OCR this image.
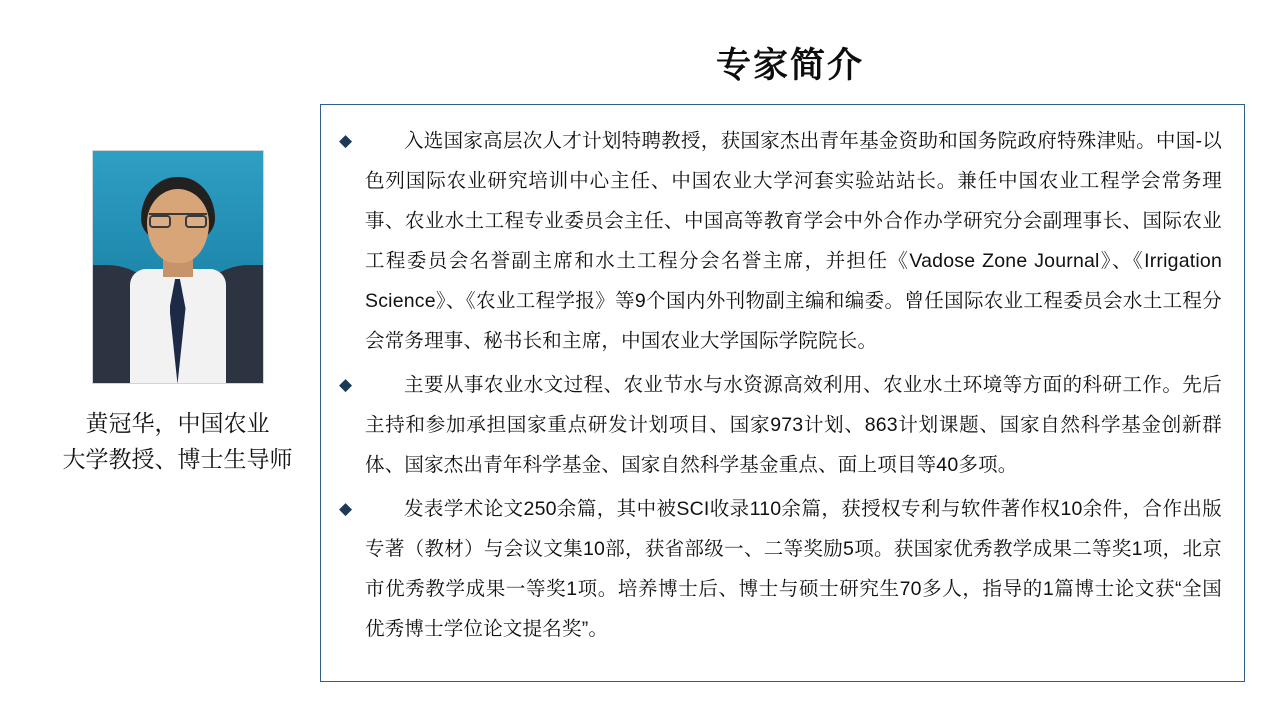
专家简介
黄冠华，中国农业
大学教授、博士生导师
◆	入选国家高层次人才计划特聘教授，获国家杰出青年基金资助和国务院政府特殊津贴。中国-以色列国际农业研究培训中心主任、中国农业大学河套实验站站长。兼任中国农业工程学会常务理事、农业水土工程专业委员会主任、中国高等教育学会中外合作办学研究分会副理事长、国际农业工程委员会名誉副主席和水土工程分会名誉主席，并担任《Vadose Zone Journal》、《Irrigation Science》、《农业工程学报》等9个国内外刊物副主编和编委。曾任国际农业工程委员会水土工程分会常务理事、秘书长和主席，中国农业大学国际学院院长。
◆	主要从事农业水文过程、农业节水与水资源高效利用、农业水土环境等方面的科研工作。先后主持和参加承担国家重点研发计划项目、国家973计划、863计划课题、国家自然科学基金创新群体、国家杰出青年科学基金、国家自然科学基金重点、面上项目等40多项。
◆	发表学术论文250余篇，其中被SCI收录110余篇，获授权专利与软件著作权10余件，合作出版专著（教材）与会议文集10部，获省部级一、二等奖励5项。获国家优秀教学成果二等奖1项，北京市优秀教学成果一等奖1项。培养博士后、博士与硕士研究生70多人，指导的1篇博士论文获“全国优秀博士学位论文提名奖”。
